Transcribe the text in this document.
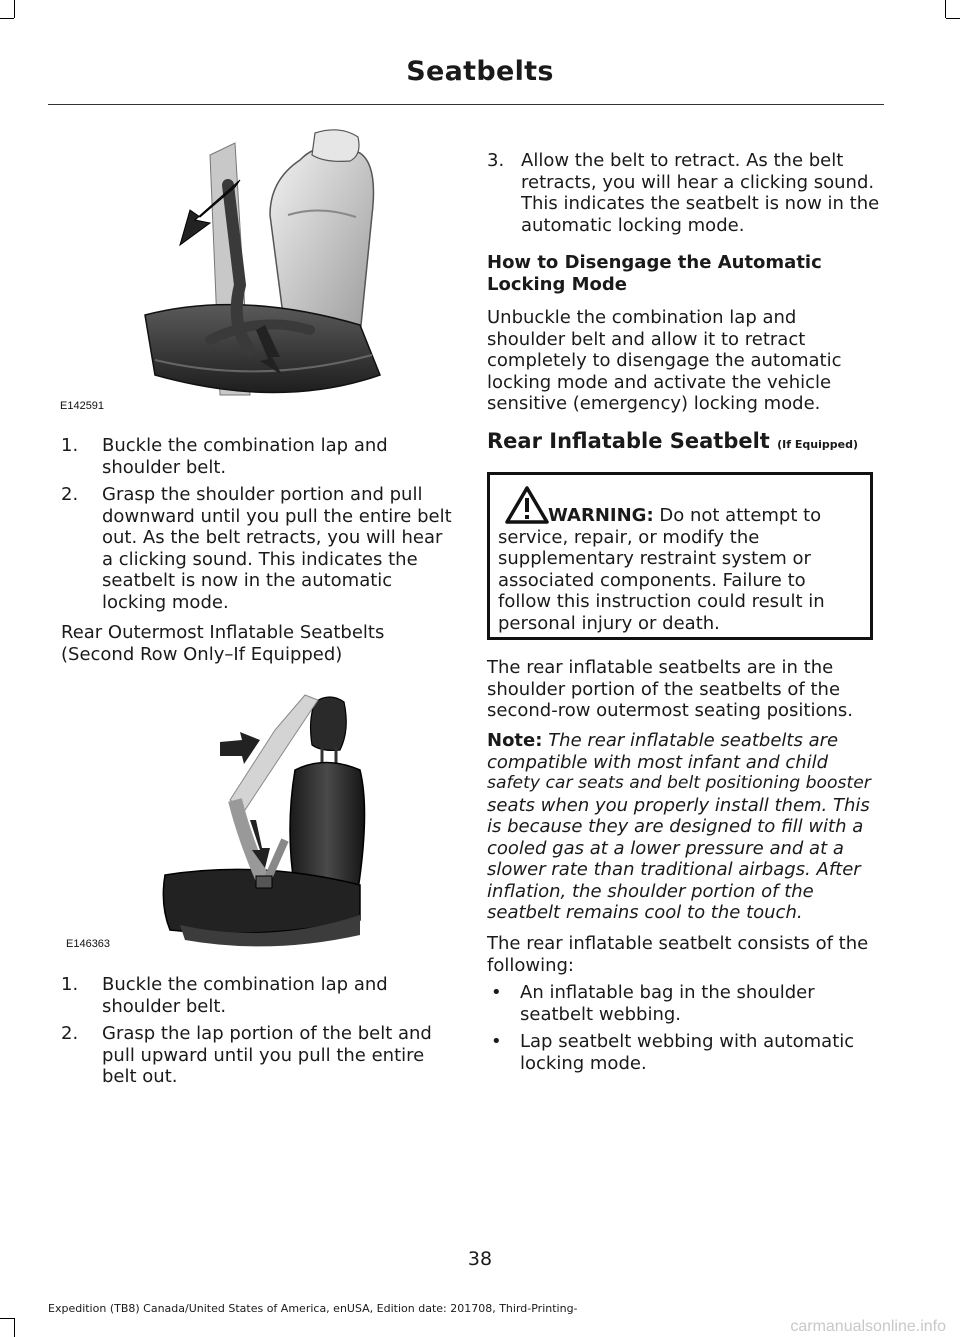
Seatbelts
E142591
1. Buckle the combination lap and
shoulder belt.
2. Grasp the shoulder portion and pull
downward until you pull the entire belt
out. As the belt retracts, you will hear
a clicking sound. This indicates the
seatbelt is now in the automatic
locking mode.
Rear Outermost Inflatable Seatbelts
(Second Row Only–If Equipped)
E146363
1. Buckle the combination lap and
shoulder belt.
2. Grasp the lap portion of the belt and
pull upward until you pull the entire
belt out.
3. Allow the belt to retract. As the belt
retracts, you will hear a clicking sound.
This indicates the seatbelt is now in the
automatic locking mode.
How to Disengage the Automatic
Locking Mode
Unbuckle the combination lap and
shoulder belt and allow it to retract
completely to disengage the automatic
locking mode and activate the vehicle
sensitive (emergency) locking mode.
Rear Inflatable Seatbelt (If Equipped)
WARNING: Do not attempt to
service, repair, or modify the
supplementary restraint system or
associated components. Failure to
follow this instruction could result in
personal injury or death.
The rear inflatable seatbelts are in the
shoulder portion of the seatbelts of the
second-row outermost seating positions.
Note: The rear inflatable seatbelts are
compatible with most infant and child
safety car seats and belt positioning booster
seats when you properly install them. This
is because they are designed to fill with a
cooled gas at a lower pressure and at a
slower rate than traditional airbags. After
inflation, the shoulder portion of the
seatbelt remains cool to the touch.
The rear inflatable seatbelt consists of the
following:
• An inflatable bag in the shoulder
seatbelt webbing.
• Lap seatbelt webbing with automatic
locking mode.
38
Expedition (TB8) Canada/United States of America, enUSA, Edition date: 201708, Third-Printing-
carmanualsonline.info
